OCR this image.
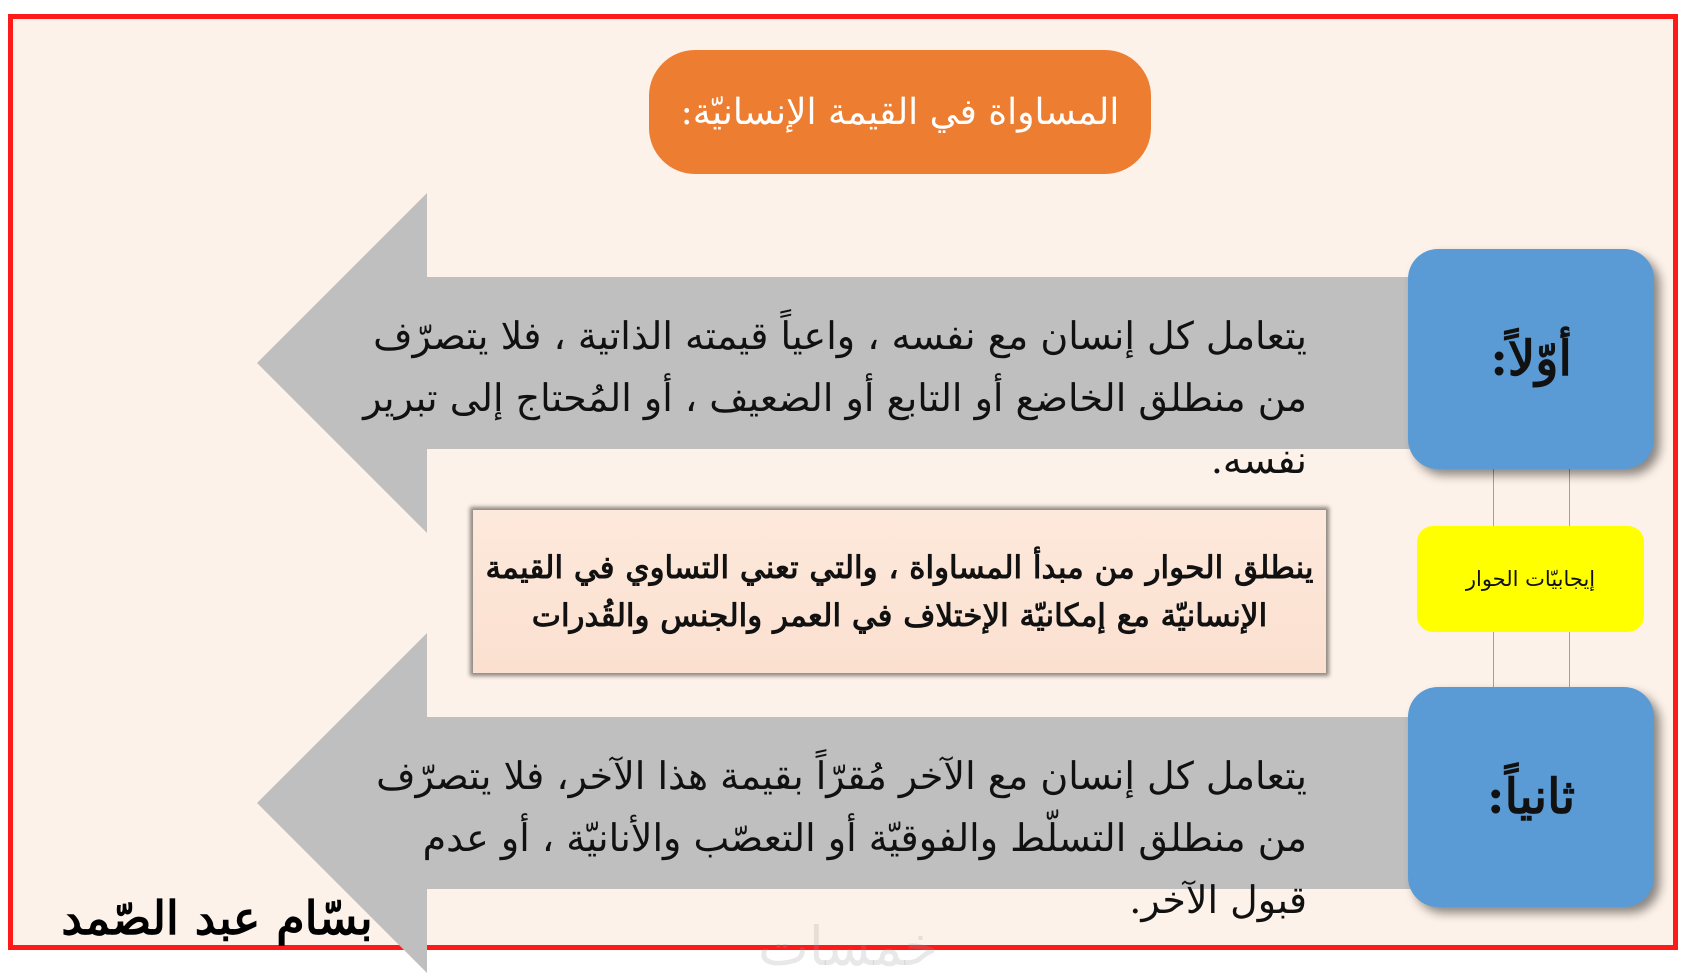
المساواة في القيمة الإنسانيّة:
يتعامل كل إنسان مع نفسه ، واعياً قيمته الذاتية ، فلا يتصرّف من منطلق الخاضع أو التابع أو الضعيف ، أو المُحتاج إلى تبرير نفسه.
يتعامل كل إنسان مع الآخر مُقرّاً بقيمة هذا الآخر، فلا يتصرّف من منطلق التسلّط والفوقيّة أو التعصّب والأنانيّة ، أو عدم قبول الآخر.
أوّلاً:
ثانياً:
إيجابيّات الحوار
ينطلق الحوار من مبدأ المساواة ، والتي تعني التساوي في القيمة الإنسانيّة مع إمكانيّة الإختلاف في العمر والجنس والقُدرات
بسّام عبد الصّمد	خمسات
